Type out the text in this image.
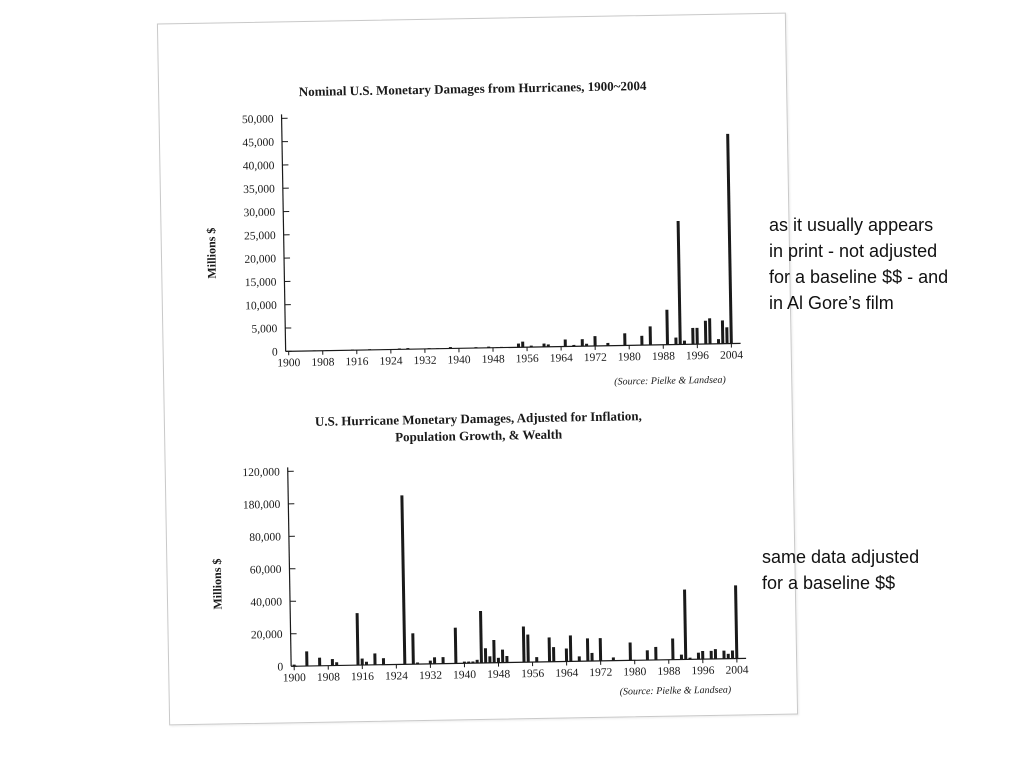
0
5,000
10,000
15,000
20,000
25,000
30,000
35,000
40,000
45,000
50,000
1900 1908 1916 1924 1932 1940 1948 1956 1964 1972 1980 1988 1996 2004
0
20,000
40,000
60,000
80,000
180,000
120,000
1900 1908 1916 1924 1932 1940 1948 1956 1964 1972 1980 1988 1996 2004
Nominal U.S. Monetary Damages from Hurricanes, 1900~2004
Millions $
(Source: Pielke & Landsea)
U.S. Hurricane Monetary Damages, Adjusted for Inflation,
Population Growth, & Wealth
Millions $
(Source: Pielke & Landsea)
as it usually appears
in print - not adjusted
for a baseline $$ - and
in Al Gore’s film
same data adjusted
for a baseline $$
